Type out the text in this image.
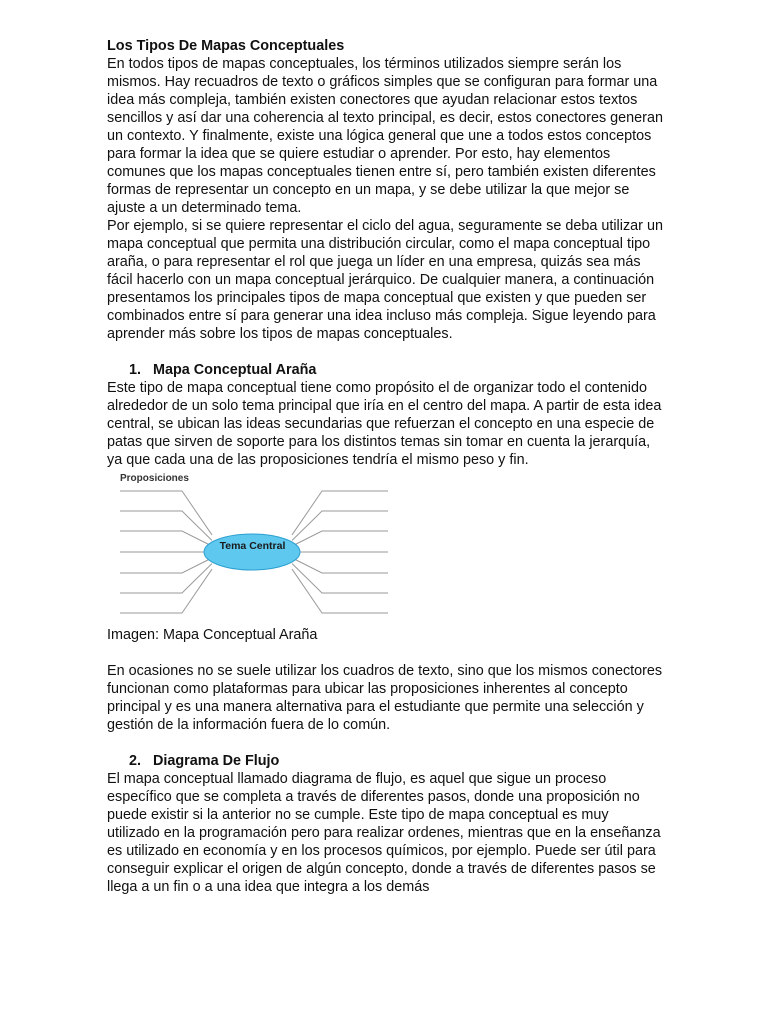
Los Tipos De Mapas Conceptuales

En todos tipos de mapas conceptuales, los términos utilizados siempre serán los mismos. Hay recuadros de texto o gráficos simples que se configuran para formar una idea más compleja, también existen conectores que ayudan relacionar estos textos sencillos y así dar una coherencia al texto principal, es decir, estos conectores generan un contexto. Y finalmente, existe una lógica general que une a todos estos conceptos para formar la idea que se quiere estudiar o aprender. Por esto, hay elementos comunes que los mapas conceptuales tienen entre sí, pero también existen diferentes formas de representar un concepto en un mapa, y se debe utilizar la que mejor se ajuste a un determinado tema.

Por ejemplo, si se quiere representar el ciclo del agua, seguramente se deba utilizar un mapa conceptual que permita una distribución circular, como el mapa conceptual tipo araña, o para representar el rol que juega un líder en una empresa, quizás sea más fácil hacerlo con un mapa conceptual jerárquico. De cualquier manera, a continuación presentamos los principales tipos de mapa conceptual que existen y que pueden ser combinados entre sí para generar una idea incluso más compleja. Sigue leyendo para aprender más sobre los tipos de mapas conceptuales.

1. Mapa Conceptual Araña

Este tipo de mapa conceptual tiene como propósito el de organizar todo el contenido alrededor de un solo tema principal que iría en el centro del mapa. A partir de esta idea central, se ubican las ideas secundarias que refuerzan el concepto en una especie de patas que sirven de soporte para los distintos temas sin tomar en cuenta la jerarquía, ya que cada una de las proposiciones tendría el mismo peso y fin.

Proposiciones
Tema Central

Imagen: Mapa Conceptual Araña

En ocasiones no se suele utilizar los cuadros de texto, sino que los mismos conectores funcionan como plataformas para ubicar las proposiciones inherentes al concepto principal y es una manera alternativa para el estudiante que permite una selección y gestión de la información fuera de lo común.

2. Diagrama De Flujo

El mapa conceptual llamado diagrama de flujo, es aquel que sigue un proceso específico que se completa a través de diferentes pasos, donde una proposición no puede existir si la anterior no se cumple. Este tipo de mapa conceptual es muy utilizado en la programación pero para realizar ordenes, mientras que en la enseñanza es utilizado en economía y en los procesos químicos, por ejemplo. Puede ser útil para conseguir explicar el origen de algún concepto, donde a través de diferentes pasos se llega a un fin o a una idea que integra a los demás
